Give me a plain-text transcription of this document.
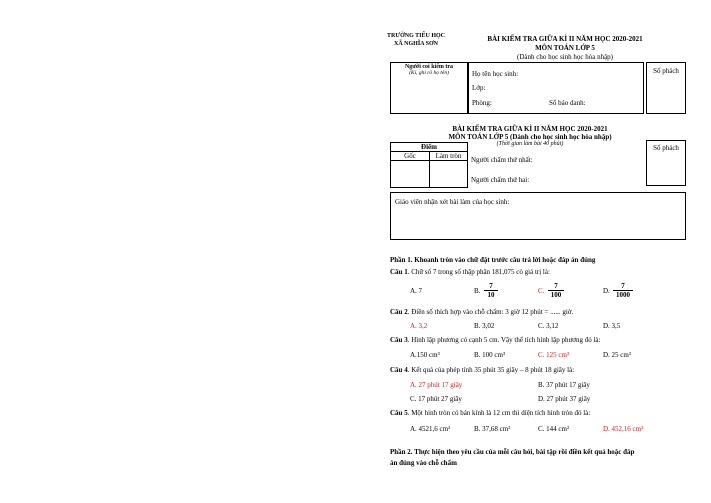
TRƯỜNG TIỂU HỌC
XÃ NGHĨA SƠN
BÀI KIỂM TRA GIỮA KÌ II NĂM HỌC 2020-2021
MÔN TOÁN LỚP 5
(Dành cho học sinh học hòa nhập)
Người coi kiểm tra
(Kí, ghi rõ họ tên)	Họ tên học sinh:
Lớp:
Phòng:	Số báo danh:
Số phách
BÀI KIỂM TRA GIỮA KÌ II NĂM HỌC 2020-2021
MÔN TOÁN LỚP 5 (Dành cho học sinh học hòa nhập)
(Thời gian làm bài 40 phút)
Điểm
Gốc	Làm tròn	Người chấm thứ nhất:
Người chấm thứ hai:
Số phách
Giáo viên nhận xét bài làm của học sinh:
Phần 1. Khoanh tròn vào chữ đặt trước câu trả lời hoặc đáp án đúng
Câu 1. Chữ số 7 trong số thập phân 181,075 có giá trị là:
A. 7	B. $\frac{7}{10}$	C. $\frac{7}{100}$	D. $\frac{7}{1000}$
Câu 2. Điền số thích hợp vào chỗ chấm: 3 giờ 12 phút = ...... giờ.
A. 3,2	B. 3,02	C. 3,12	D. 3,5
Câu 3. Hình lập phương có cạnh 5 cm. Vậy thể tích hình lập phương đó là:
A.150 cm³	B. 100 cm³	C. 125 cm³	D. 25 cm³
Câu 4. Kết quả của phép tính 35 phút 35 giây – 8 phút 18 giây là:
A. 27 phút 17 giây	B. 37 phút 17 giây
C. 17 phút 27 giây	D. 27 phút 37 giây
Câu 5. Một hình tròn có bán kính là 12 cm thì diện tích hình tròn đó là:
A. 4521,6 cm²	B. 37,68 cm²	C. 144 cm²	D. 452,16 cm²
Phần 2. Thực hiện theo yêu cầu của mỗi câu hỏi, bài tập rồi điền kết quả hoặc đáp
án đúng vào chỗ chấm
